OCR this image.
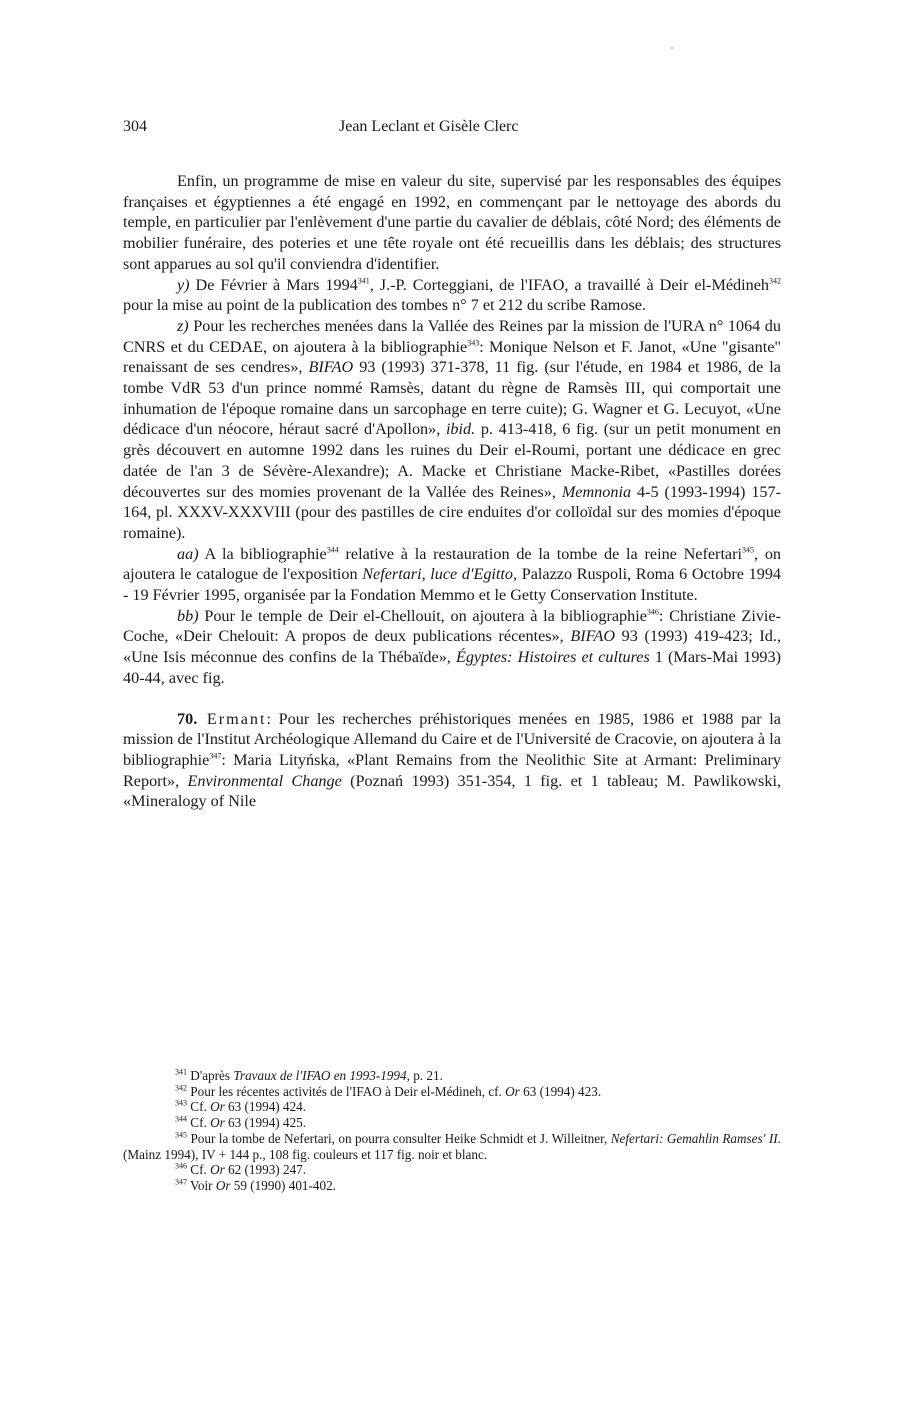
304	Jean Leclant et Gisèle Clerc

Enfin, un programme de mise en valeur du site, supervisé par les responsables des équipes françaises et égyptiennes a été engagé en 1992, en commençant par le nettoyage des abords du temple, en particulier par l'enlèvement d'une partie du cavalier de déblais, côté Nord; des éléments de mobilier funéraire, des poteries et une tête royale ont été recueillis dans les déblais; des structures sont apparues au sol qu'il conviendra d'identifier.

y) De Février à Mars 1994$^{341}$, J.-P. Corteggiani, de l'IFAO, a travaillé à Deir el-Médineh$^{342}$ pour la mise au point de la publication des tombes n° 7 et 212 du scribe Ramose.

z) Pour les recherches menées dans la Vallée des Reines par la mission de l'URA n° 1064 du CNRS et du CEDAE, on ajoutera à la bibliographie$^{343}$: Monique Nelson et F. Janot, «Une "gisante" renaissant de ses cendres», BIFAO 93 (1993) 371-378, 11 fig. (sur l'étude, en 1984 et 1986, de la tombe VdR 53 d'un prince nommé Ramsès, datant du règne de Ramsès III, qui comportait une inhumation de l'époque romaine dans un sarcophage en terre cuite); G. Wagner et G. Lecuyot, «Une dédicace d'un néocore, héraut sacré d'Apollon», ibid. p. 413-418, 6 fig. (sur un petit monument en grès découvert en automne 1992 dans les ruines du Deir el-Roumi, portant une dédicace en grec datée de l'an 3 de Sévère-Alexandre); A. Macke et Christiane Macke-Ribet, «Pastilles dorées découvertes sur des momies provenant de la Vallée des Reines», Memnonia 4-5 (1993-1994) 157-164, pl. XXXV-XXXVIII (pour des pastilles de cire enduites d'or colloïdal sur des momies d'époque romaine).

aa) A la bibliographie$^{344}$ relative à la restauration de la tombe de la reine Nefertari$^{345}$, on ajoutera le catalogue de l'exposition Nefertari, luce d'Egitto, Palazzo Ruspoli, Roma 6 Octobre 1994 - 19 Février 1995, organisée par la Fondation Memmo et le Getty Conservation Institute.

bb) Pour le temple de Deir el-Chellouit, on ajoutera à la bibliographie$^{346}$: Christiane Zivie-Coche, «Deir Chelouit: A propos de deux publications récentes», BIFAO 93 (1993) 419-423; Id., «Une Isis méconnue des confins de la Thébaïde», Égyptes: Histoires et cultures 1 (Mars-Mai 1993) 40-44, avec fig.

70. Ermant: Pour les recherches préhistoriques menées en 1985, 1986 et 1988 par la mission de l'Institut Archéologique Allemand du Caire et de l'Université de Cracovie, on ajoutera à la bibliographie$^{347}$: Maria Lityńska, «Plant Remains from the Neolithic Site at Armant: Preliminary Report», Environmental Change (Poznań 1993) 351-354, 1 fig. et 1 tableau; M. Pawlikowski, «Mineralogy of Nile

$^{341}$ D'après Travaux de l'IFAO en 1993-1994, p. 21.

$^{342}$ Pour les récentes activités de l'IFAO à Deir el-Médineh, cf. Or 63 (1994) 423.

$^{343}$ Cf. Or 63 (1994) 424.

$^{344}$ Cf. Or 63 (1994) 425.

$^{345}$ Pour la tombe de Nefertari, on pourra consulter Heike Schmidt et J. Willeitner, Nefertari: Gemahlin Ramses' II. (Mainz 1994), IV + 144 p., 108 fig. couleurs et 117 fig. noir et blanc.

$^{346}$ Cf. Or 62 (1993) 247.

$^{347}$ Voir Or 59 (1990) 401-402.
